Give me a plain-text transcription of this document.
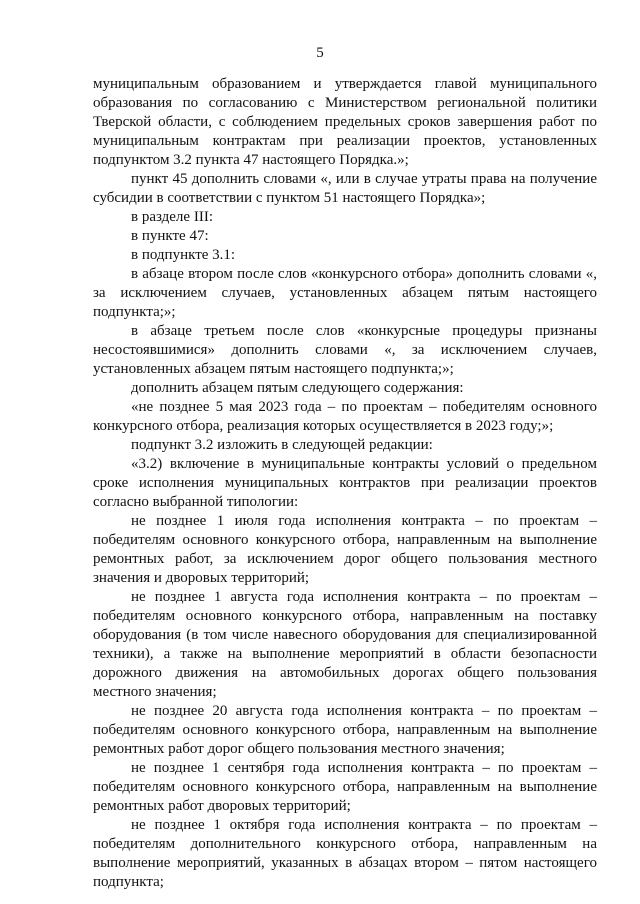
5

муниципальным образованием и утверждается главой муниципального образования по согласованию с Министерством региональной политики Тверской области, с соблюдением предельных сроков завершения работ по муниципальным контрактам при реализации проектов, установленных подпунктом 3.2 пункта 47 настоящего Порядка.»;

пункт 45 дополнить словами «, или в случае утраты права на получение субсидии в соответствии с пунктом 51 настоящего Порядка»;

в разделе III:

в пункте 47:

в подпункте 3.1:

в абзаце втором после слов «конкурсного отбора» дополнить словами «, за исключением случаев, установленных абзацем пятым настоящего подпункта;»;

в абзаце третьем после слов «конкурсные процедуры признаны несостоявшимися» дополнить словами «, за исключением случаев, установленных абзацем пятым настоящего подпункта;»;

дополнить абзацем пятым следующего содержания:

«не позднее 5 мая 2023 года – по проектам – победителям основного конкурсного отбора, реализация которых осуществляется в 2023 году;»;

подпункт 3.2 изложить в следующей редакции:

«3.2) включение в муниципальные контракты условий о предельном сроке исполнения муниципальных контрактов при реализации проектов согласно выбранной типологии:

не позднее 1 июля года исполнения контракта – по проектам – победителям основного конкурсного отбора, направленным на выполнение ремонтных работ, за исключением дорог общего пользования местного значения и дворовых территорий;

не позднее 1 августа года исполнения контракта – по проектам – победителям основного конкурсного отбора, направленным на поставку оборудования (в том числе навесного оборудования для специализированной техники), а также на выполнение мероприятий в области безопасности дорожного движения на автомобильных дорогах общего пользования местного значения;

не позднее 20 августа года исполнения контракта – по проектам – победителям основного конкурсного отбора, направленным на выполнение ремонтных работ дорог общего пользования местного значения;

не позднее 1 сентября года исполнения контракта – по проектам – победителям основного конкурсного отбора, направленным на выполнение ремонтных работ дворовых территорий;

не позднее 1 октября года исполнения контракта – по проектам – победителям дополнительного конкурсного отбора, направленным на выполнение мероприятий, указанных в абзацах втором – пятом настоящего подпункта;
